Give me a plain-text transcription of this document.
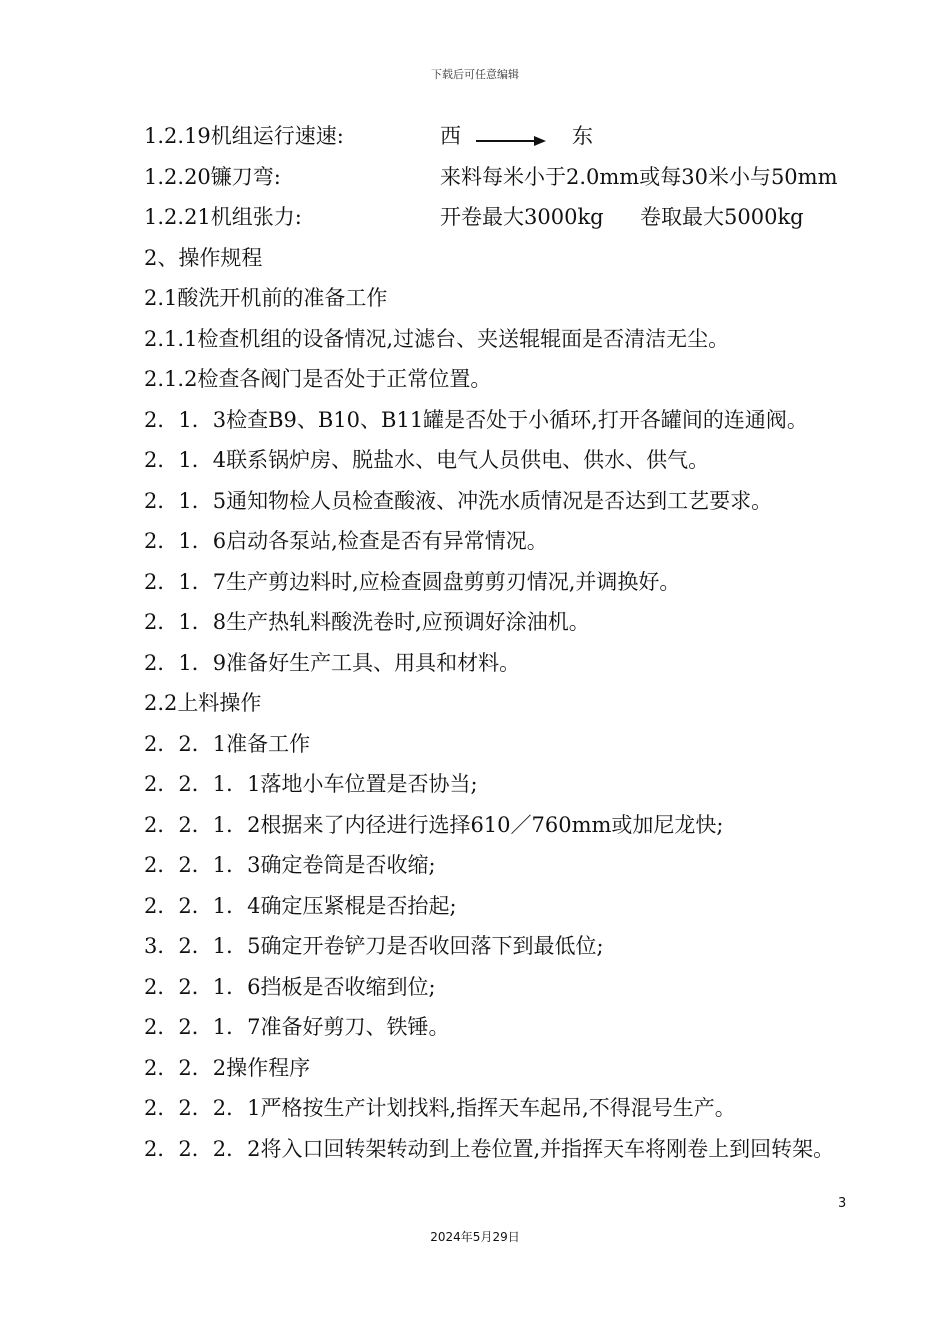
下载后可任意编辑
1.2.19机组运行速速:	西	东
1.2.20镰刀弯:	来料每米小于2.0mm或每30米小与50mm
1.2.21机组张力:	开卷最大3000kg 卷取最大5000kg
2、操作规程
2.1酸洗开机前的准备工作
2.1.1检查机组的设备情况,过滤台、夹送辊辊面是否清洁无尘。
2.1.2检查各阀门是否处于正常位置。
2．1．3检查B9、B10、B11罐是否处于小循环,打开各罐间的连通阀。
2．1．4联系锅炉房、脱盐水、电气人员供电、供水、供气。
2．1．5通知物检人员检查酸液、冲洗水质情况是否达到工艺要求。
2．1．6启动各泵站,检查是否有异常情况。
2．1．7生产剪边料时,应检查圆盘剪剪刃情况,并调换好。
2．1．8生产热轧料酸洗卷时,应预调好涂油机。
2．1．9准备好生产工具、用具和材料。
2.2上料操作
2．2．1准备工作
2．2．1．1落地小车位置是否协当;
2．2．1．2根据来了内径进行选择610／760mm或加尼龙快;
2．2．1．3确定卷筒是否收缩;
2．2．1．4确定压紧棍是否抬起;
3．2．1．5确定开卷铲刀是否收回落下到最低位;
2．2．1．6挡板是否收缩到位;
2．2．1．7准备好剪刀、铁锤。
2．2．2操作程序
2．2．2．1严格按生产计划找料,指挥天车起吊,不得混号生产。
2．2．2．2将入口回转架转动到上卷位置,并指挥天车将刚卷上到回转架。
3
2024年5月29日
